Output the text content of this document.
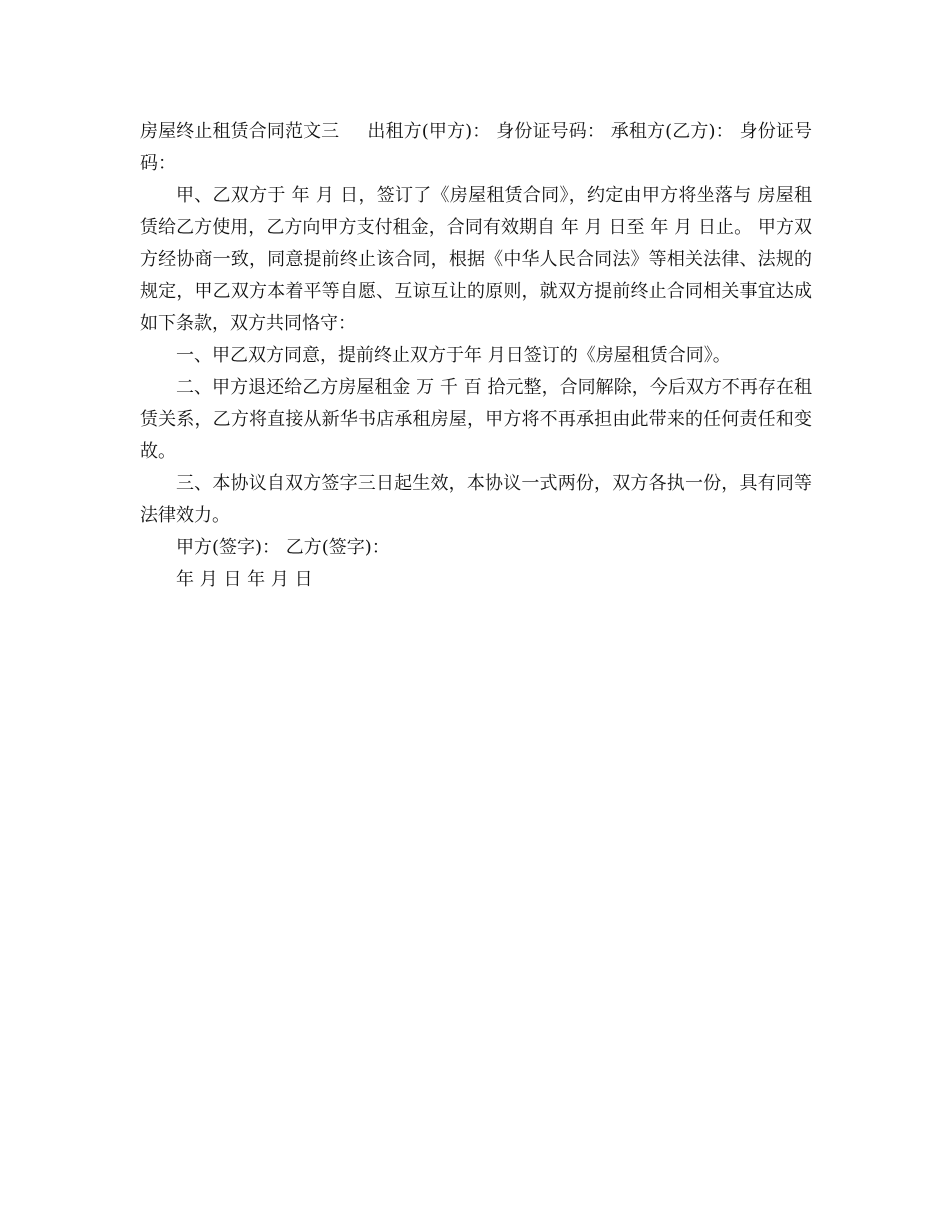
房屋终止租赁合同范文三 出租方(甲方)： 身份证号码： 承租方(乙方)： 身份证号码：

甲、乙双方于 年 月 日，签订了《房屋租赁合同》，约定由甲方将坐落与 房屋租赁给乙方使用，乙方向甲方支付租金，合同有效期自 年 月 日至 年 月 日止。 甲方双方经协商一致，同意提前终止该合同，根据《中华人民合同法》等相关法律、法规的规定，甲乙双方本着平等自愿、互谅互让的原则，就双方提前终止合同相关事宜达成如下条款，双方共同恪守：

一、甲乙双方同意，提前终止双方于年 月日签订的《房屋租赁合同》。

二、甲方退还给乙方房屋租金 万 千 百 拾元整，合同解除，今后双方不再存在租赁关系，乙方将直接从新华书店承租房屋，甲方将不再承担由此带来的任何责任和变故。

三、本协议自双方签字三日起生效，本协议一式两份，双方各执一份，具有同等法律效力。

甲方(签字)： 乙方(签字)：

年 月 日 年 月 日
